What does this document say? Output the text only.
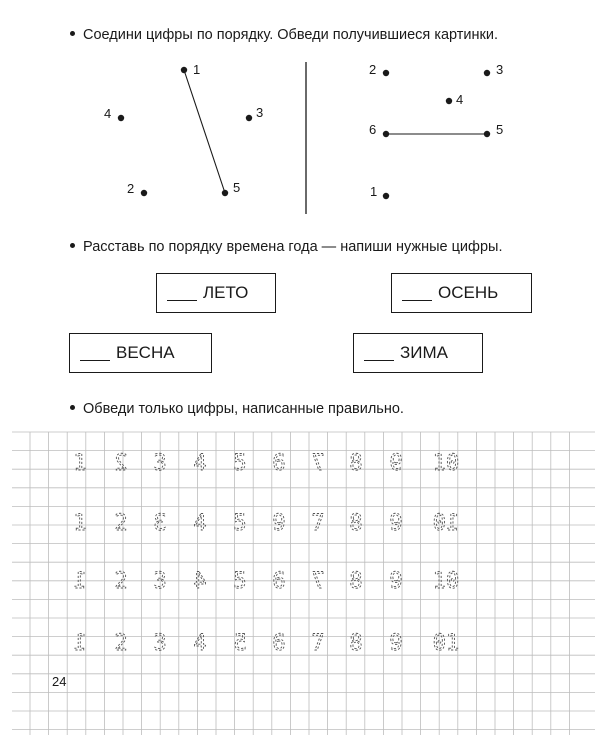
Соедини цифры по порядку. Обведи получившиеся картинки.
Расставь по порядку времена года — напиши нужные цифры.
Обведи только цифры, написанные правильно.
ЛЕТО	ОСЕНЬ
ВЕСНА	ЗИМА
1
2
3
4
5	1
2	3
4
5
6
1 2 3 4 5 6 7 8 9 10
1 2 3 4 5 9 7 8 9 10
1 2 3 4 5 6 7 8 9 10
1 2 3 4 5 6 7 8 9 01
24
